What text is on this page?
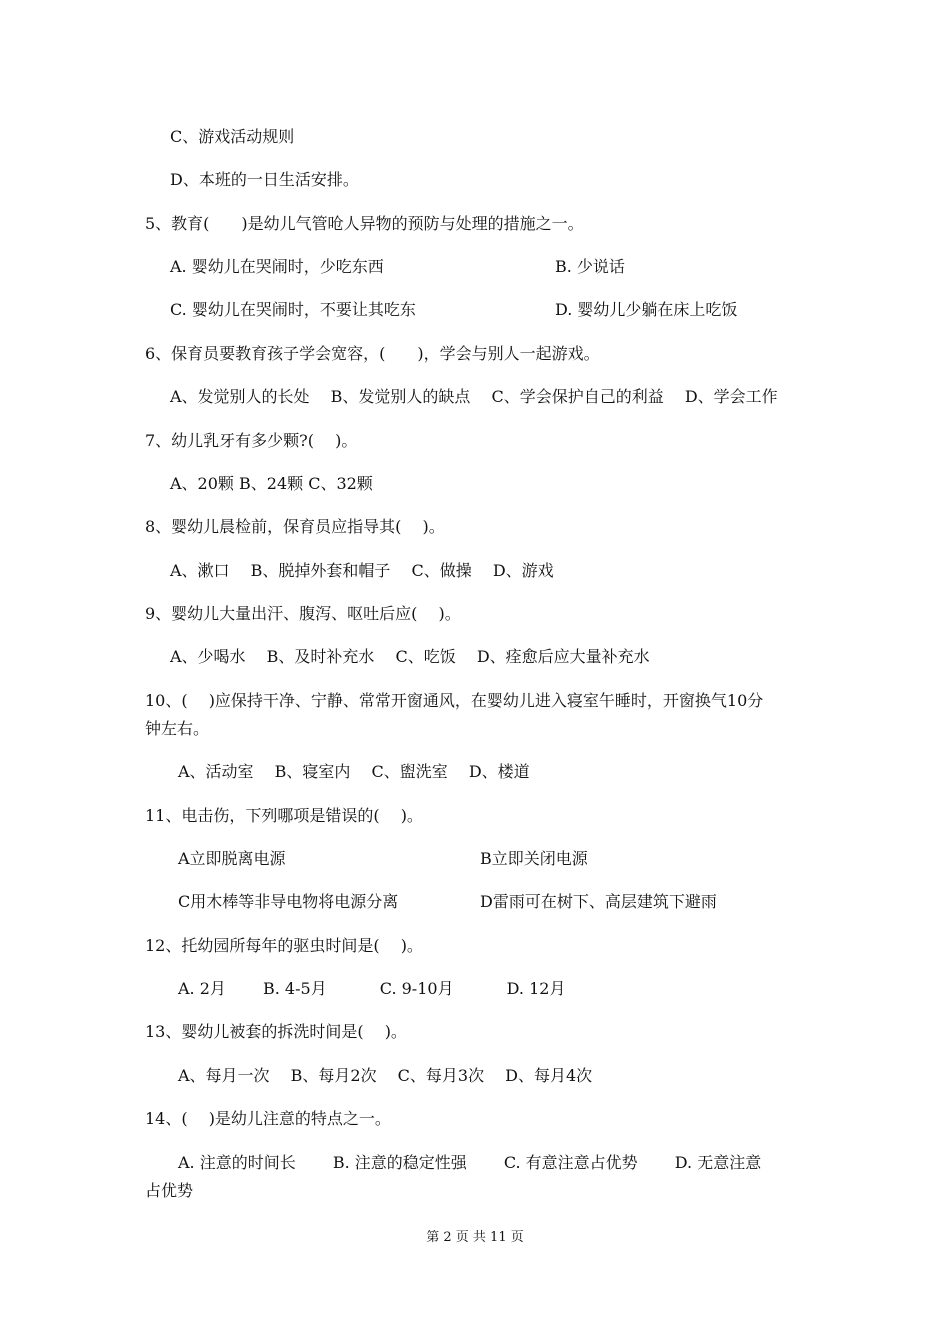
C、游戏活动规则
D、本班的一日生活安排。
5、教育(　　)是幼儿气管呛人异物的预防与处理的措施之一。
A. 婴幼儿在哭闹时，少吃东西	B. 少说话
C. 婴幼儿在哭闹时，不要让其吃东	D. 婴幼儿少躺在床上吃饭
6、保育员要教育孩子学会宽容，(　　)，学会与别人一起游戏。
A、发觉别人的长处　 B、发觉别人的缺点　 C、学会保护自己的利益　 D、学会工作
7、幼儿乳牙有多少颗?(　 )。
A、20颗 B、24颗 C、32颗
8、婴幼儿晨检前，保育员应指导其(　 )。
A、漱口　 B、脱掉外套和帽子　 C、做操　 D、游戏
9、婴幼儿大量出汗、腹泻、呕吐后应(　 )。
A、少喝水　 B、及时补充水　 C、吃饭　 D、痊愈后应大量补充水
10、(　 )应保持干净、宁静、常常开窗通风，在婴幼儿进入寝室午睡时，开窗换气10分
钟左右。
A、活动室　 B、寝室内　 C、盥洗室　 D、楼道
11、电击伤，下列哪项是错误的(　 )。
A立即脱离电源	B立即关闭电源
C用木棒等非导电物将电源分离	D雷雨可在树下、高层建筑下避雨
12、托幼园所每年的驱虫时间是(　 )。
A. 2月　　 B. 4-5月　　　 C. 9-10月　　　 D. 12月
13、婴幼儿被套的拆洗时间是(　 )。
A、每月一次　 B、每月2次　 C、每月3次　 D、每月4次
14、(　 )是幼儿注意的特点之一。
A. 注意的时间长　　 B. 注意的稳定性强　　 C. 有意注意占优势　　 D. 无意注意
占优势
第 2 页 共 11 页
